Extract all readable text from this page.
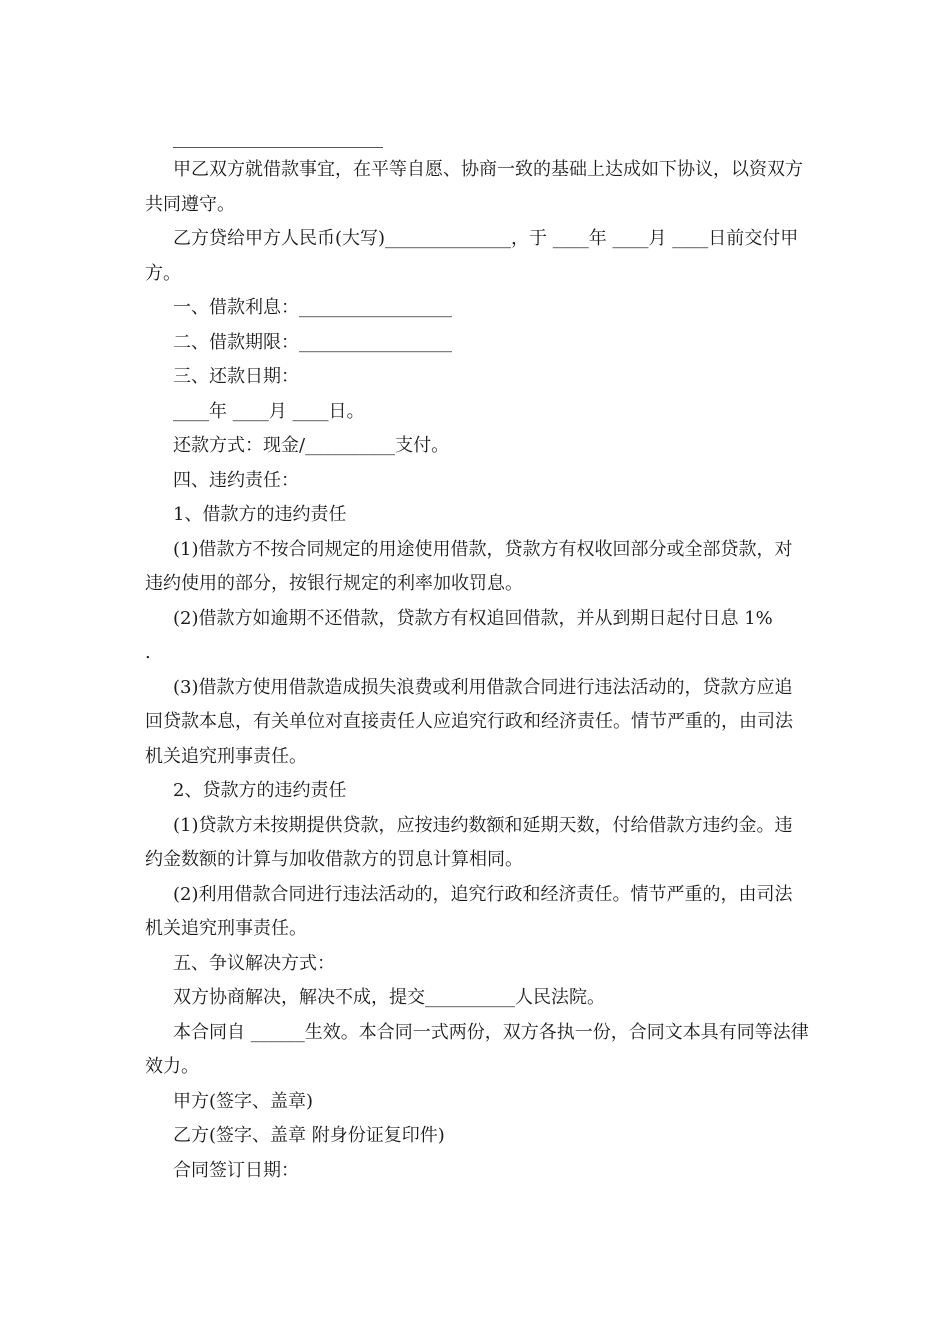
甲乙双方就借款事宜，在平等自愿、协商一致的基础上达成如下协议，以资双方共同遵守。

乙方贷给甲方人民币(大写)______________，于 ____年 ____月 ____日前交付甲方。

一、借款利息：_________________

二、借款期限：_________________

三、还款日期：

____年 ____月 ____日。

还款方式：现金/__________支付。

四、违约责任：

1、借款方的违约责任

(1)借款方不按合同规定的用途使用借款，贷款方有权收回部分或全部贷款，对违约使用的部分，按银行规定的利率加收罚息。

(2)借款方如逾期不还借款，贷款方有权追回借款，并从到期日起付日息 1%

.

(3)借款方使用借款造成损失浪费或利用借款合同进行违法活动的，贷款方应追回贷款本息，有关单位对直接责任人应追究行政和经济责任。情节严重的，由司法机关追究刑事责任。

2、贷款方的违约责任

(1)贷款方未按期提供贷款，应按违约数额和延期天数，付给借款方违约金。违约金数额的计算与加收借款方的罚息计算相同。

(2)利用借款合同进行违法活动的，追究行政和经济责任。情节严重的，由司法机关追究刑事责任。

五、争议解决方式：

双方协商解决，解决不成，提交__________人民法院。

本合同自 ______生效。本合同一式两份，双方各执一份，合同文本具有同等法律效力。

甲方(签字、盖章)

乙方(签字、盖章 附身份证复印件)

合同签订日期：
